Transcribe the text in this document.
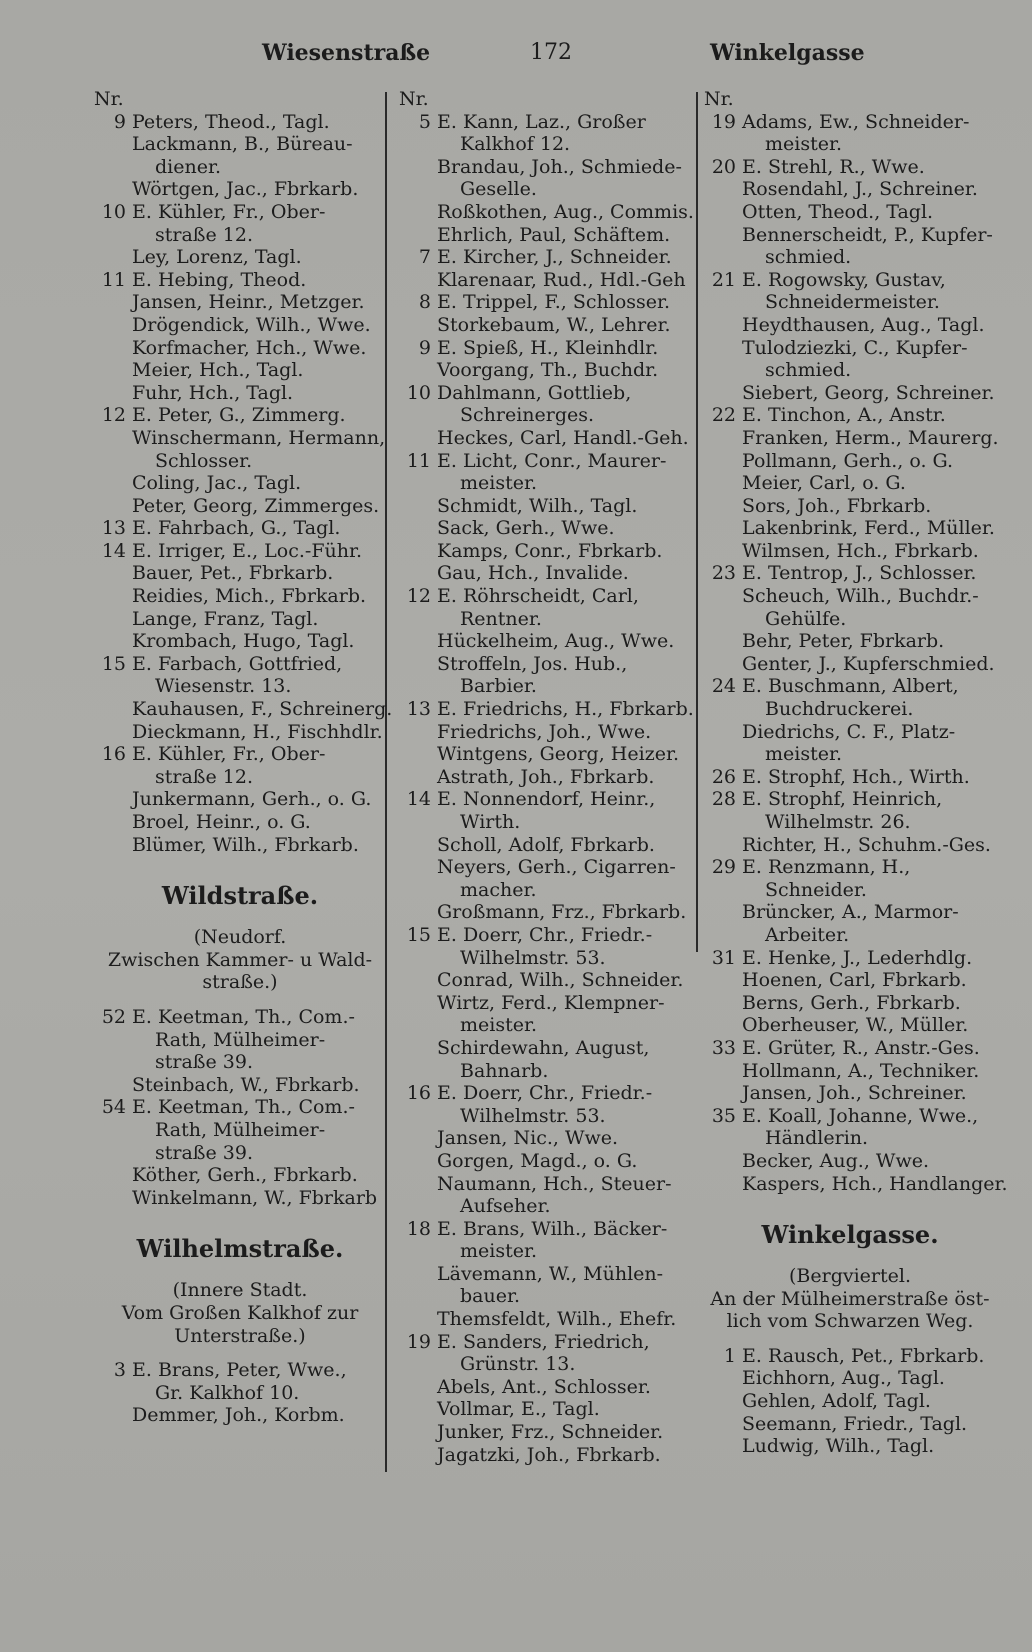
Wiesenstraße	172	Winkelgasse
Nr.
9 Peters, Theod., Tagl.
Lackmann, B., Büreau-
diener.
Wörtgen, Jac., Fbrkarb.
10 E. Kühler, Fr., Ober-
straße 12.
Ley, Lorenz, Tagl.
11 E. Hebing, Theod.
Jansen, Heinr., Metzger.
Drögendick, Wilh., Wwe.
Korfmacher, Hch., Wwe.
Meier, Hch., Tagl.
Fuhr, Hch., Tagl.
12 E. Peter, G., Zimmerg.
Winschermann, Hermann,
Schlosser.
Coling, Jac., Tagl.
Peter, Georg, Zimmerges.
13 E. Fahrbach, G., Tagl.
14 E. Irriger, E., Loc.-Führ.
Bauer, Pet., Fbrkarb.
Reidies, Mich., Fbrkarb.
Lange, Franz, Tagl.
Krombach, Hugo, Tagl.
15 E. Farbach, Gottfried,
Wiesenstr. 13.
Kauhausen, F., Schreinerg.
Dieckmann, H., Fischhdlr.
16 E. Kühler, Fr., Ober-
straße 12.
Junkermann, Gerh., o. G.
Broel, Heinr., o. G.
Blümer, Wilh., Fbrkarb.
Wildstraße.
(Neudorf.
Zwischen Kammer- u Wald-
straße.)
52 E. Keetman, Th., Com.-
Rath, Mülheimer-
straße 39.
Steinbach, W., Fbrkarb.
54 E. Keetman, Th., Com.-
Rath, Mülheimer-
straße 39.
Köther, Gerh., Fbrkarb.
Winkelmann, W., Fbrkarb
Wilhelmstraße.
(Innere Stadt.
Vom Großen Kalkhof zur
Unterstraße.)
3 E. Brans, Peter, Wwe.,
Gr. Kalkhof 10.
Demmer, Joh., Korbm.
Nr.
5 E. Kann, Laz., Großer
Kalkhof 12.
Brandau, Joh., Schmiede-
Geselle.
Roßkothen, Aug., Commis.
Ehrlich, Paul, Schäftem.
7 E. Kircher, J., Schneider.
Klarenaar, Rud., Hdl.-Geh
8 E. Trippel, F., Schlosser.
Storkebaum, W., Lehrer.
9 E. Spieß, H., Kleinhdlr.
Voorgang, Th., Buchdr.
10 Dahlmann, Gottlieb,
Schreinerges.
Heckes, Carl, Handl.-Geh.
11 E. Licht, Conr., Maurer-
meister.
Schmidt, Wilh., Tagl.
Sack, Gerh., Wwe.
Kamps, Conr., Fbrkarb.
Gau, Hch., Invalide.
12 E. Röhrscheidt, Carl,
Rentner.
Hückelheim, Aug., Wwe.
Stroffeln, Jos. Hub.,
Barbier.
13 E. Friedrichs, H., Fbrkarb.
Friedrichs, Joh., Wwe.
Wintgens, Georg, Heizer.
Astrath, Joh., Fbrkarb.
14 E. Nonnendorf, Heinr.,
Wirth.
Scholl, Adolf, Fbrkarb.
Neyers, Gerh., Cigarren-
macher.
Großmann, Frz., Fbrkarb.
15 E. Doerr, Chr., Friedr.-
Wilhelmstr. 53.
Conrad, Wilh., Schneider.
Wirtz, Ferd., Klempner-
meister.
Schirdewahn, August,
Bahnarb.
16 E. Doerr, Chr., Friedr.-
Wilhelmstr. 53.
Jansen, Nic., Wwe.
Gorgen, Magd., o. G.
Naumann, Hch., Steuer-
Aufseher.
18 E. Brans, Wilh., Bäcker-
meister.
Lävemann, W., Mühlen-
bauer.
Themsfeldt, Wilh., Ehefr.
19 E. Sanders, Friedrich,
Grünstr. 13.
Abels, Ant., Schlosser.
Vollmar, E., Tagl.
Junker, Frz., Schneider.
Jagatzki, Joh., Fbrkarb.
Nr.
19 Adams, Ew., Schneider-
meister.
20 E. Strehl, R., Wwe.
Rosendahl, J., Schreiner.
Otten, Theod., Tagl.
Bennerscheidt, P., Kupfer-
schmied.
21 E. Rogowsky, Gustav,
Schneidermeister.
Heydthausen, Aug., Tagl.
Tulodziezki, C., Kupfer-
schmied.
Siebert, Georg, Schreiner.
22 E. Tinchon, A., Anstr.
Franken, Herm., Maurerg.
Pollmann, Gerh., o. G.
Meier, Carl, o. G.
Sors, Joh., Fbrkarb.
Lakenbrink, Ferd., Müller.
Wilmsen, Hch., Fbrkarb.
23 E. Tentrop, J., Schlosser.
Scheuch, Wilh., Buchdr.-
Gehülfe.
Behr, Peter, Fbrkarb.
Genter, J., Kupferschmied.
24 E. Buschmann, Albert,
Buchdruckerei.
Diedrichs, C. F., Platz-
meister.
26 E. Strophf, Hch., Wirth.
28 E. Strophf, Heinrich,
Wilhelmstr. 26.
Richter, H., Schuhm.-Ges.
29 E. Renzmann, H.,
Schneider.
Brüncker, A., Marmor-
Arbeiter.
31 E. Henke, J., Lederhdlg.
Hoenen, Carl, Fbrkarb.
Berns, Gerh., Fbrkarb.
Oberheuser, W., Müller.
33 E. Grüter, R., Anstr.-Ges.
Hollmann, A., Techniker.
Jansen, Joh., Schreiner.
35 E. Koall, Johanne, Wwe.,
Händlerin.
Becker, Aug., Wwe.
Kaspers, Hch., Handlanger.
Winkelgasse.
(Bergviertel.
An der Mülheimerstraße öst-
lich vom Schwarzen Weg.
1 E. Rausch, Pet., Fbrkarb.
Eichhorn, Aug., Tagl.
Gehlen, Adolf, Tagl.
Seemann, Friedr., Tagl.
Ludwig, Wilh., Tagl.
